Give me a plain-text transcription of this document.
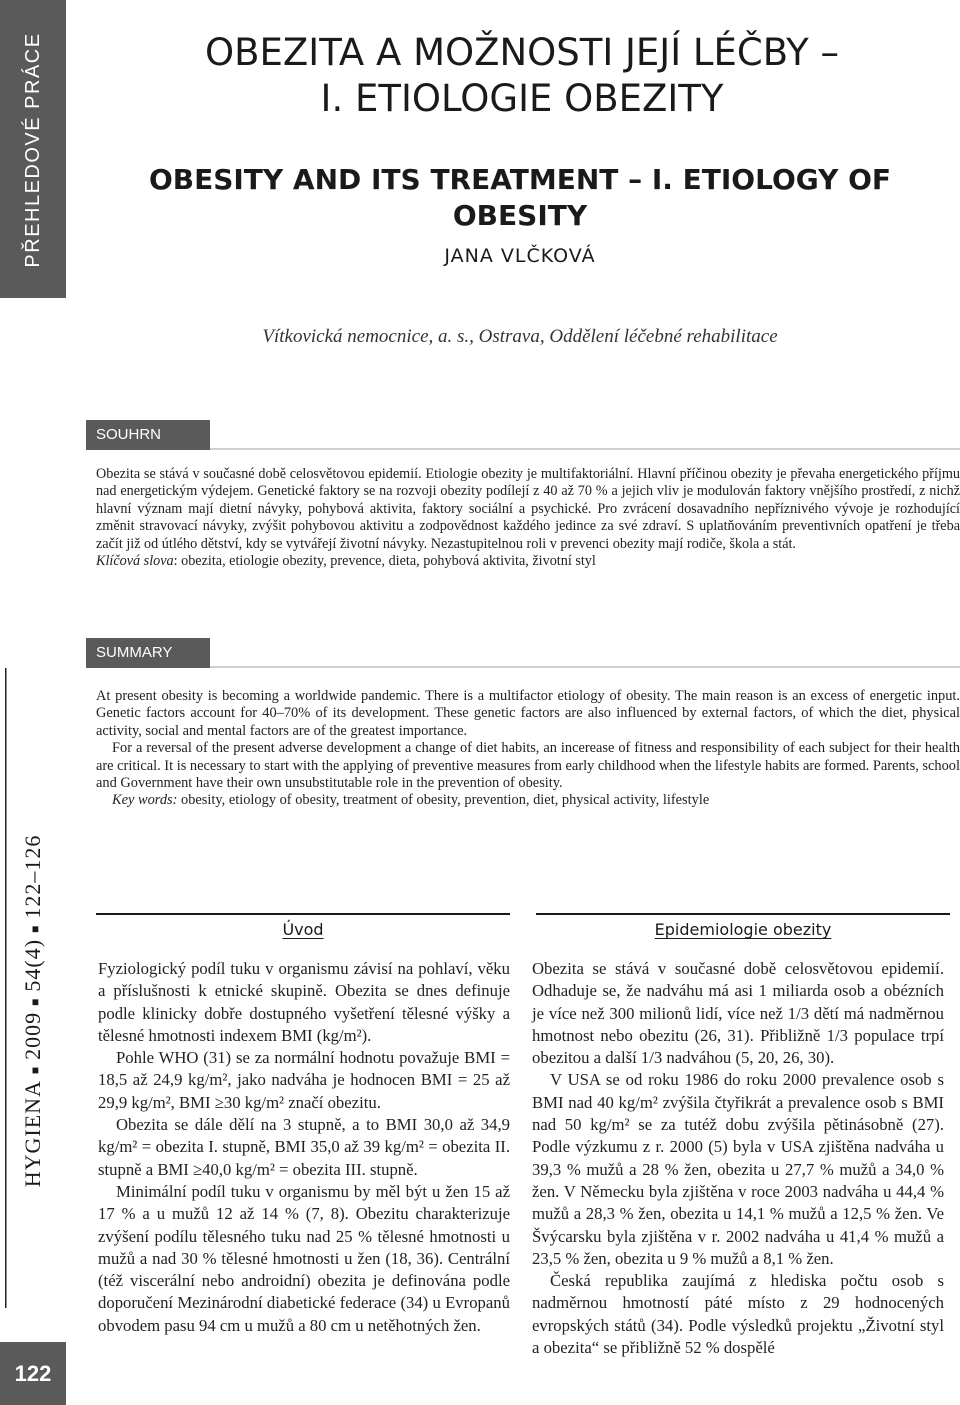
PŘEHLEDOVÉ PRÁCE
HYGIENA■2009■54(4)■122–126
122
OBEZITA A MOŽNOSTI JEJÍ LÉČBY –
I. ETIOLOGIE OBEZITY
OBESITY AND ITS TREATMENT – I. ETIOLOGY OF OBESITY
JANA VLČKOVÁ
Vítkovická nemocnice, a. s., Ostrava, Oddělení léčebné rehabilitace
SOUHRN

Obezita se stává v současné době celosvětovou epidemií. Etiologie obezity je multifaktoriální. Hlavní příčinou obezity je převaha energetického příjmu nad energetickým výdejem. Genetické faktory se na rozvoji obezity podílejí z 40 až 70 % a jejich vliv je modulován faktory vnějšího prostředí, z nichž hlavní význam mají dietní návyky, pohybová aktivita, faktory sociální a psychické. Pro zvrácení dosavadního nepříznivého vývoje je rozhodující změnit stravovací návyky, zvýšit pohybovou aktivitu a zodpovědnost každého jedince za své zdraví. S uplatňováním preventivních opatření je třeba začít již od útlého dětství, kdy se vytvářejí životní návyky. Nezastupitelnou roli v prevenci obezity mají rodiče, škola a stát.

Klíčová slova: obezita, etiologie obezity, prevence, dieta, pohybová aktivita, životní styl

SUMMARY

At present obesity is becoming a worldwide pandemic. There is a multifactor etiology of obesity. The main reason is an excess of energetic input. Genetic factors account for 40–70% of its development. These genetic factors are also influenced by external factors, of which the diet, physical activity, social and mental factors are of the greatest importance.

For a reversal of the present adverse development a change of diet habits, an incerease of fitness and responsibility of each subject for their health are critical. It is necessary to start with the applying of preventive measures from early childhood when the lifestyle habits are formed. Parents, school and Government have their own unsubstitutable role in the prevention of obesity.

Key words: obesity, etiology of obesity, treatment of obesity, prevention, diet, physical activity, lifestyle

Úvod	Epidemiologie obezity

Fyziologický podíl tuku v organismu závisí na pohlaví, věku a příslušnosti k etnické skupině. Obezita se dnes definuje podle klinicky dobře dostupného vyšetření tělesné výšky a tělesné hmotnosti indexem BMI (kg/m²).

Pohle WHO (31) se za normální hodnotu považuje BMI = 18,5 až 24,9 kg/m², jako nadváha je hodnocen BMI = 25 až 29,9 kg/m², BMI ≥30 kg/m² značí obezitu.

Obezita se dále dělí na 3 stupně, a to BMI 30,0 až 34,9 kg/m² = obezita I. stupně, BMI 35,0 až 39 kg/m² = obezita II. stupně a BMI ≥40,0 kg/m² = obezita III. stupně.

Minimální podíl tuku v organismu by měl být u žen 15 až 17 % a u mužů 12 až 14 % (7, 8). Obezitu charakterizuje zvýšení podílu tělesného tuku nad 25 % tělesné hmotnosti u mužů a nad 30 % tělesné hmotnosti u žen (18, 36). Centrální (též viscerální nebo androidní) obezita je definována podle doporučení Mezinárodní diabetické federace (34) u Evropanů obvodem pasu 94 cm u mužů a 80 cm u netěhotných žen.

Obezita se stává v současné době celosvětovou epidemií. Odhaduje se, že nadváhu má asi 1 miliarda osob a obézních je více než 300 milionů lidí, více než 1/3 dětí má nadměrnou hmotnost nebo obezitu (26, 31). Přibližně 1/3 populace trpí obezitou a další 1/3 nadváhou (5, 20, 26, 30).

V USA se od roku 1986 do roku 2000 prevalence osob s BMI nad 40 kg/m² zvýšila čtyřikrát a prevalence osob s BMI nad 50 kg/m² se za tutéž dobu zvýšila pětinásobně (27). Podle výzkumu z r. 2000 (5) byla v USA zjištěna nadváha u 39,3 % mužů a 28 % žen, obezita u 27,7 % mužů a 34,0 % žen. V Německu byla zjištěna v roce 2003 nadváha u 44,4 % mužů a 28,3 % žen, obezita u 14,1 % mužů a 12,5 % žen. Ve Švýcarsku byla zjištěna v r. 2002 nadváha u 41,4 % mužů a 23,5 % žen, obezita u 9 % mužů a 8,1 % žen.

Česká republika zaujímá z hlediska počtu osob s nadměrnou hmotností páté místo z 29 hodnocených evropských států (34). Podle výsledků projektu „Životní styl a obezita“ se přibližně 52 % dospělé
